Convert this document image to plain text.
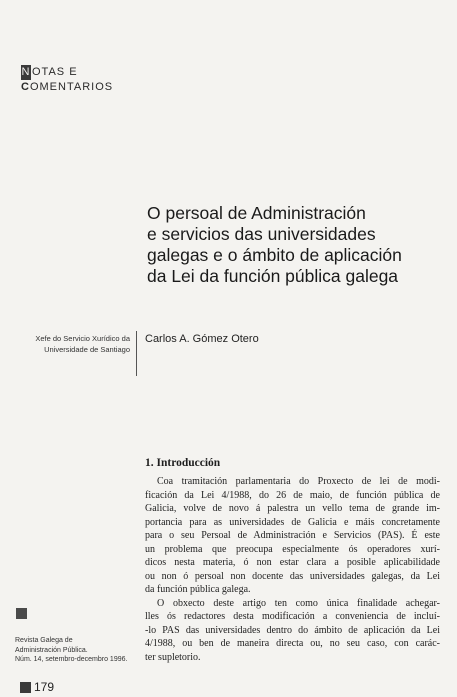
N OTAS E
COMENTARIOS
O persoal de Administración
e servicios das universidades
galegas e o ámbito de aplicación
da Lei da función pública galega
Xefe do Servicio Xurídico da
Universidade de Santiago
Carlos A. Gómez Otero
1. Introducción
Coa tramitación parlamentaria do Proxecto de lei de modi-
ficación da Lei 4/1988, do 26 de maio, de función pública de
Galicia, volve de novo á palestra un vello tema de grande im-
portancia para as universidades de Galicia e máis concretamente
para o seu Persoal de Administración e Servicios (PAS). É este
un problema que preocupa especialmente ós operadores xurí-
dicos nesta materia, ó non estar clara a posible aplicabilidade
ou non ó persoal non docente das universidades galegas, da Lei
da función pública galega.
O obxecto deste artigo ten como única finalidade achegar-
lles ós redactores desta modificación a conveniencia de incluí-
-lo PAS das universidades dentro do ámbito de aplicación da Lei
4/1988, ou ben de maneira directa ou, no seu caso, con carác-
ter supletorio.
Revista Galega de
Administración Pública.
Núm. 14, setembro-decembro 1996.
179
